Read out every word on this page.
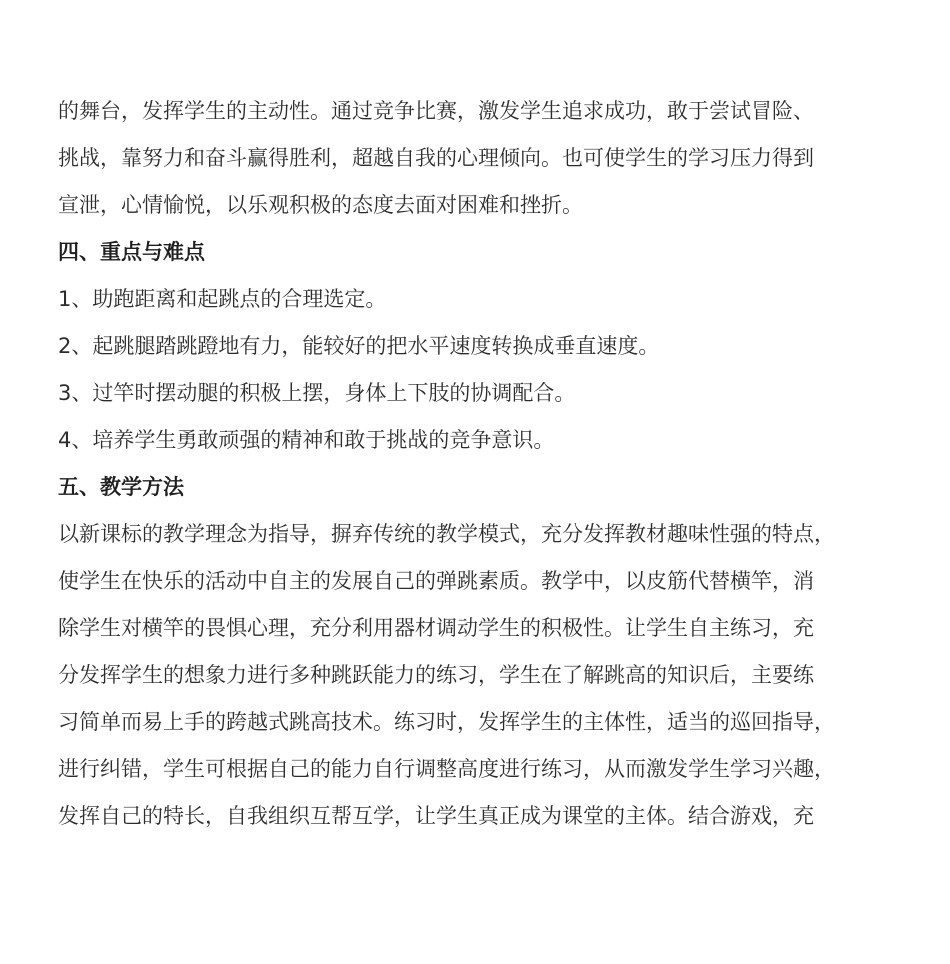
的舞台，发挥学生的主动性。通过竞争比赛，激发学生追求成功，敢于尝试冒险、
挑战，靠努力和奋斗赢得胜利，超越自我的心理倾向。也可使学生的学习压力得到
宣泄，心情愉悦，以乐观积极的态度去面对困难和挫折。
四、重点与难点
1、助跑距离和起跳点的合理选定。
2、起跳腿踏跳蹬地有力，能较好的把水平速度转换成垂直速度。
3、过竿时摆动腿的积极上摆，身体上下肢的协调配合。
4、培养学生勇敢顽强的精神和敢于挑战的竞争意识。
五、教学方法
以新课标的教学理念为指导，摒弃传统的教学模式，充分发挥教材趣味性强的特点，
使学生在快乐的活动中自主的发展自己的弹跳素质。教学中，以皮筋代替横竿，消
除学生对横竿的畏惧心理，充分利用器材调动学生的积极性。让学生自主练习，充
分发挥学生的想象力进行多种跳跃能力的练习，学生在了解跳高的知识后，主要练
习简单而易上手的跨越式跳高技术。练习时，发挥学生的主体性，适当的巡回指导，
进行纠错，学生可根据自己的能力自行调整高度进行练习，从而激发学生学习兴趣，
发挥自己的特长，自我组织互帮互学，让学生真正成为课堂的主体。结合游戏，充
